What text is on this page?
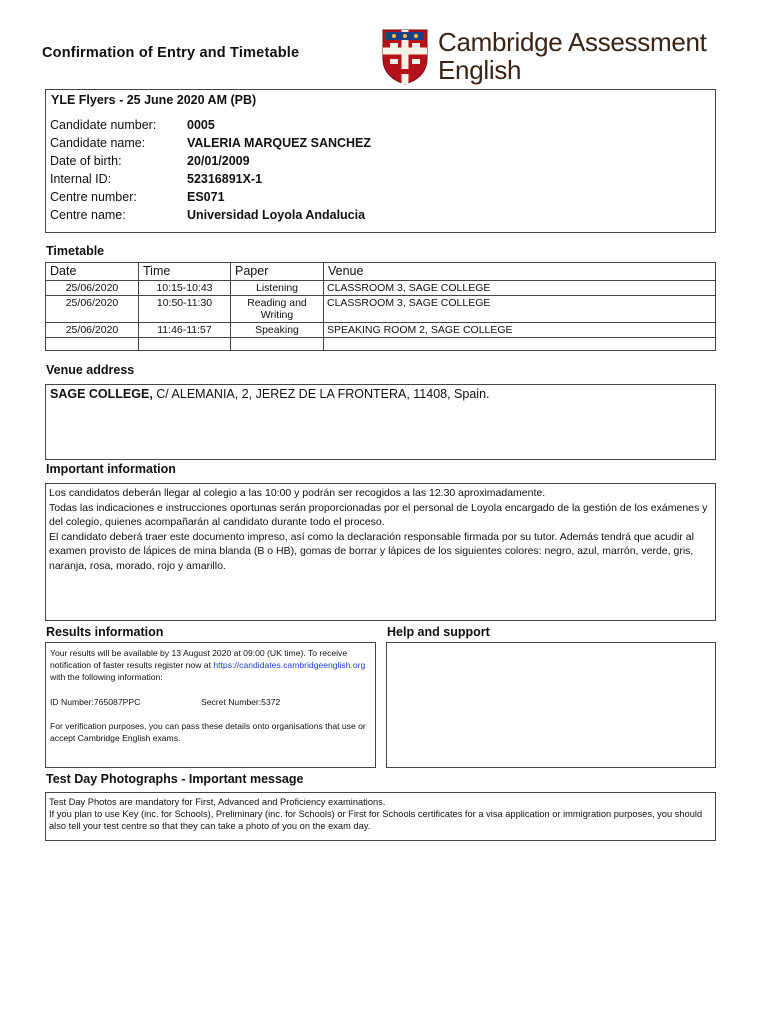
Confirmation of Entry and Timetable	Cambridge Assessment
English
YLE Flyers - 25 June 2020 AM (PB)
Candidate number: 0005
Candidate name:	VALERIA MARQUEZ SANCHEZ
Date of birth:	20/01/2009
Internal ID:	52316891X-1
Centre number:	ES071
Centre name:	Universidad Loyola Andalucia
Timetable
Date	Time	Paper	Venue
25/06/2020	10:15-10:43	Listening	CLASSROOM 3, SAGE COLLEGE
25/06/2020	10:50-11:30	Reading and Writing	CLASSROOM 3, SAGE COLLEGE
25/06/2020	11:46-11:57	Speaking	SPEAKING ROOM 2, SAGE COLLEGE

Venue address
SAGE COLLEGE, C/ ALEMANIA, 2, JEREZ DE LA FRONTERA, 11408, Spain.
Important information
Los candidatos deberán llegar al colegio a las 10:00 y podrán ser recogidos a las 12.30 aproximadamente.
Todas las indicaciones e instrucciones oportunas serán proporcionadas por el personal de Loyola encargado de la gestión de los exámenes y del colegio, quienes acompañarán al candidato durante todo el proceso.
El candidato deberá traer este documento impreso, así como la declaración responsable firmada por su tutor. Además tendrá que acudir al examen provisto de lápices de mina blanda (B o HB), gomas de borrar y lápices de los siguientes colores: negro, azul, marrón, verde, gris, naranja, rosa, morado, rojo y amarillo.
Results information
Your results will be available by 13 August 2020 at 09:00 (UK time). To receive notification of faster results register now at https://candidates.cambridgeenglish.org with the following information:
ID Number:765087PPC	Secret Number:5372
For verification purposes, you can pass these details onto organisations that use or accept Cambridge English exams.
Help and support
Test Day Photographs - Important message
Test Day Photos are mandatory for First, Advanced and Proficiency examinations.
If you plan to use Key (inc. for Schools), Preliminary (inc. for Schools) or First for Schools certificates for a visa application or immigration purposes, you should also tell your test centre so that they can take a photo of you on the exam day.
